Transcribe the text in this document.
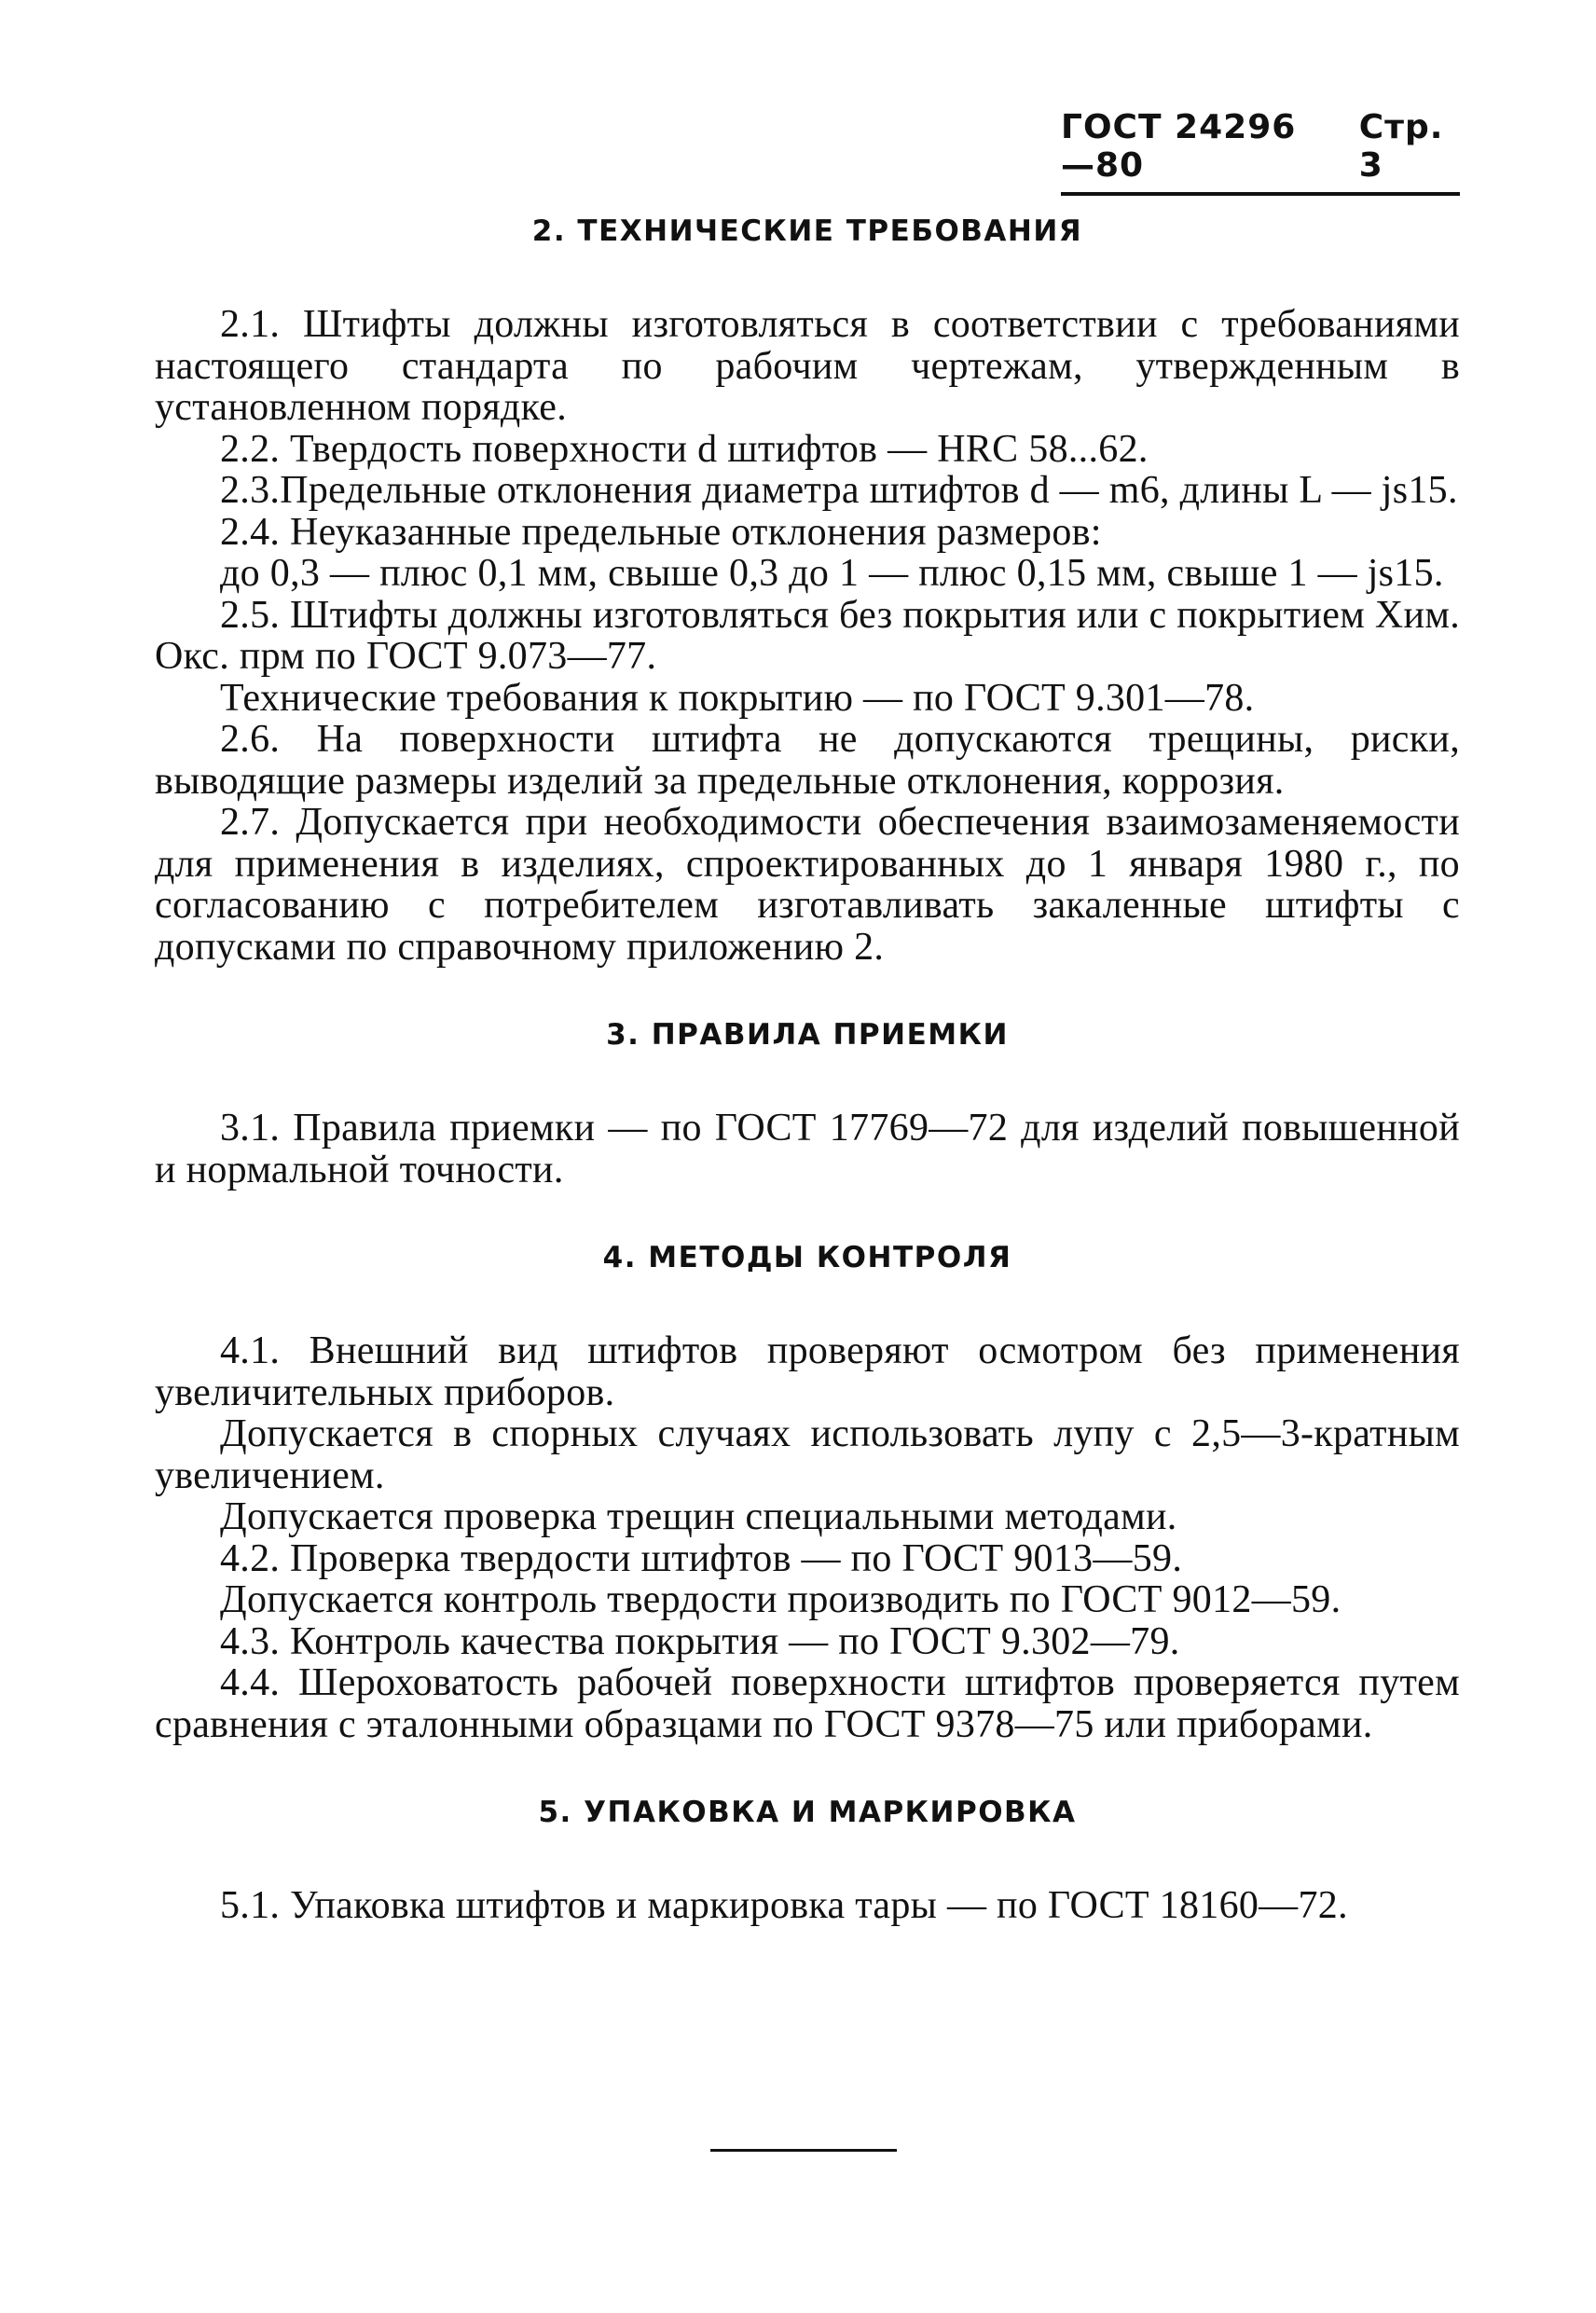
ГОСТ 24296—80
Стр. 3
2. ТЕХНИЧЕСКИЕ ТРЕБОВАНИЯ

2.1. Штифты должны изготовляться в соответствии с требованиями настоящего стандарта по рабочим чертежам, утвержденным в установленном порядке.

2.2. Твердость поверхности d штифтов — HRC 58...62.

2.3.Предельные отклонения диаметра штифтов d — m6, длины L — js15.

2.4. Неуказанные предельные отклонения размеров:

до 0,3 — плюс 0,1 мм, свыше 0,3 до 1 — плюс 0,15 мм, свыше 1 — js15.

2.5. Штифты должны изготовляться без покрытия или с покрытием Хим. Окс. прм по ГОСТ 9.073—77.

Технические требования к покрытию — по ГОСТ 9.301—78.

2.6. На поверхности штифта не допускаются трещины, риски, выводящие размеры изделий за предельные отклонения, коррозия.

2.7. Допускается при необходимости обеспечения взаимозаменяемости для применения в изделиях, спроектированных до 1 января 1980 г., по согласованию с потребителем изготавливать закаленные штифты с допусками по справочному приложению 2.

3. ПРАВИЛА ПРИЕМКИ

3.1. Правила приемки — по ГОСТ 17769—72 для изделий повышенной и нормальной точности.

4. МЕТОДЫ КОНТРОЛЯ

4.1. Внешний вид штифтов проверяют осмотром без применения увеличительных приборов.

Допускается в спорных случаях использовать лупу с 2,5—3-кратным увеличением.

Допускается проверка трещин специальными методами.

4.2. Проверка твердости штифтов — по ГОСТ 9013—59.

Допускается контроль твердости производить по ГОСТ 9012—59.

4.3. Контроль качества покрытия — по ГОСТ 9.302—79.

4.4. Шероховатость рабочей поверхности штифтов проверяется путем сравнения с эталонными образцами по ГОСТ 9378—75 или приборами.

5. УПАКОВКА И МАРКИРОВКА

5.1. Упаковка штифтов и маркировка тары — по ГОСТ 18160—72.
